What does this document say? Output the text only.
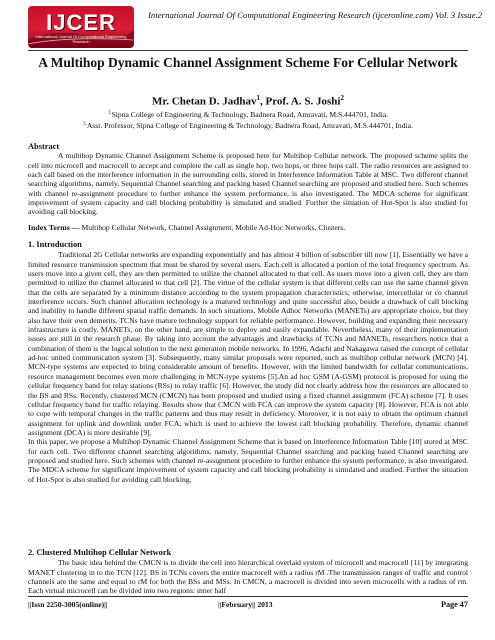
IJCER
International Journal Of Computational Engineering Research
International Journal Of Computational Engineering Research (ijceronline.com) Vol. 3 Issue.2
A Multihop Dynamic Channel Assignment Scheme For Cellular Network
Mr. Chetan D. Jadhav$^1$, Prof. A. S. Joshi$^2$
$^{1,}$Sipna College of Engineering & Technology, Badnera Road, Amravati, M.S.444701, India.
$^{2,}$Asst. Professor, Sipna College of Engineering & Technology, Badnera Road, Amravati, M.S.444701, India.
Abstract
A multihop Dynamic Channel Assignment Scheme is proposed here for Multihop Cellular network. The proposed scheme splits the cell into microcell and macrocell to accept and complete the call as single hop, two hops, or three hops call. The radio resources are assigned to each call based on the interference information in the surrounding cells, stored in Interference Information Table at MSC. Two different channel searching algorithms, namely, Sequential Channel searching and packing based Channel searching are proposed and studied here. Such schemes with channel re-assignment procedure to further enhance the system performance, is also investigated. The MDCA scheme for significant improvement of system capacity and call blocking probability is simulated and studied. Further the situation of Hot-Spot is also studied for avoiding call blocking.
Index Terms — Multihop Cellular Network, Channel Assignment, Mobile Ad-Hoc Networks, Clusters.
1. Introduction
Traditional 2G Cellular networks are expanding exponentially and has almost 4 billion of subscriber till now [1]. Essentially we have a limited resource transmission spectrum that must be shared by several users. Each cell is allocated a portion of the total frequency spectrum. As users move into a given cell, they are then permitted to utilize the channel allocated to that cell. As users move into a given cell, they are then permitted to utilize the channel allocated to that cell [2]. The virtue of the cellular system is that different cells can use the same channel given that the cells are separated by a minimum distance according to the system propagation characteristics; otherwise, intercellular or co channel interference occurs. Such channel allocation technology is a matured technology and quite successful also, beside a drawback of call blocking and inability to handle different spatial traffic demands. In such situations, Mobile Adhoc Networks (MANETs) are appropriate choice, but they also have their own demerits. TCNs have mature technology support for reliable performance. However, building and expanding their necessary infrastructure is costly. MANETs, on the other hand, are simple to deploy and easily expandable. Nevertheless, many of their implementation issues are still in the research phase. By taking into account the advantages and drawbacks of TCNs and MANETs, researchers notice that a combination of them is the logical solution to the next generation mobile networks. In 1996, Adachi and Nakagawa raised the concept of cellular ad-hoc united communication system [3]. Subsequently, many similar proposals were reported, such as multihop cellular network (MCN) [4]. MCN-type systems are expected to bring considerable amount of benefits. However, with the limited bandwidth for cellular communications, resource management becomes even more challenging in MCN-type systems [5].An ad hoc GSM (A-GSM) protocol is proposed for using the cellular frequency band for relay stations (RSs) to relay traffic [6]. However, the study did not clearly address how the resources are allocated to the BS and RSs. Recently, clustered MCN (CMCN) has been proposed and studied using a fixed channel assignment (FCA) scheme [7]. It uses cellular frequency band for traffic relaying. Results show that CMCN with FCA can improve the system capacity [8]. However, FCA is not able to cope with temporal changes in the traffic patterns and thus may result in deficiency. Moreover, it is not easy to obtain the optimum channel assignment for uplink and downlink under FCA, which is used to achieve the lowest call blocking probability. Therefore, dynamic channel assignment (DCA) is more desirable [9].
In this paper, we propose a Multihop Dynamic Channel Assignment Scheme that is based on Interference Information Table [10] stored at MSC for each cell. Two different channel searching algorithms, namely, Sequential Channel searching and packing based Channel searching are proposed and studied here. Such schemes with channel re-assignment procedure to further enhance the system performance, is also investigated. The MDCA scheme for significant improvement of system capacity and call blocking probability is simulated and studied. Further the situation of Hot-Spot is also studied for avoiding call blocking.
2. Clustered Multihop Cellular Network
The basic idea behind the CMCN is to divide the cell into hierarchical overlaid system of microcell and macrocell [11] by integrating MANET clustering in to the TCN [12]. BS in TCNs covers the entire macrocell with a radius rM .The transmission ranges of traffic and control channels are the same and equal to rM for both the BSs and MSs. In CMCN, a macrocell is divided into seven microcells with a radius of rm. Each virtual microcell can be divided into two regions: inner half
||Issn 2250-3005(online)||	||February|| 2013	Page 47
